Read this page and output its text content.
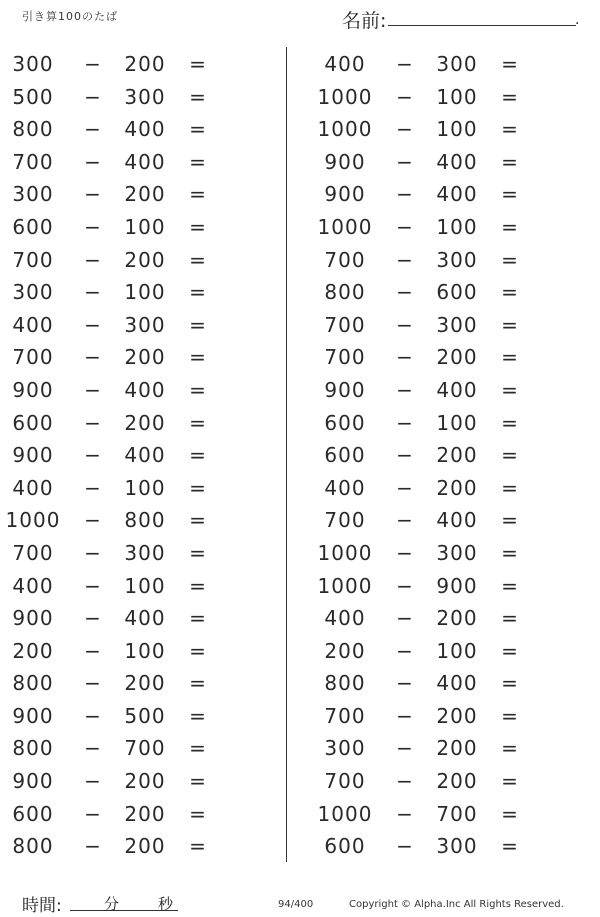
引き算100のたば	名前:	.
300	−	200	=
500	−	300	=
800	−	400	=
700	−	400	=
300	−	200	=
600	−	100	=
700	−	200	=
300	−	100	=
400	−	300	=
700	−	200	=
900	−	400	=
600	−	200	=
900	−	400	=
400	−	100	=
1000 −	800	=
700	−	300	=
400	−	100	=
900	−	400	=
200	−	100	=
800	−	200	=
900	−	500	=
800	−	700	=
900	−	200	=
600	−	200	=
800	−	200	=
400	−	300	=
1000 −	100	=
1000 −	100	=
900	−	400	=
900	−	400	=
1000 −	100	=
700	−	300	=
800	−	600	=
700	−	300	=
700	−	200	=
900	−	400	=
600	−	100	=
600	−	200	=
400	−	200	=
700	−	400	=
1000 −	300	=
1000 −	900	=
400	−	200	=
200	−	100	=
800	−	400	=
700	−	200	=
300	−	200	=
700	−	200	=
1000 −	700	=
600	−	300	=
時間:	分	秒	94/400	Copyright © Alpha.Inc All Rights Reserved.
